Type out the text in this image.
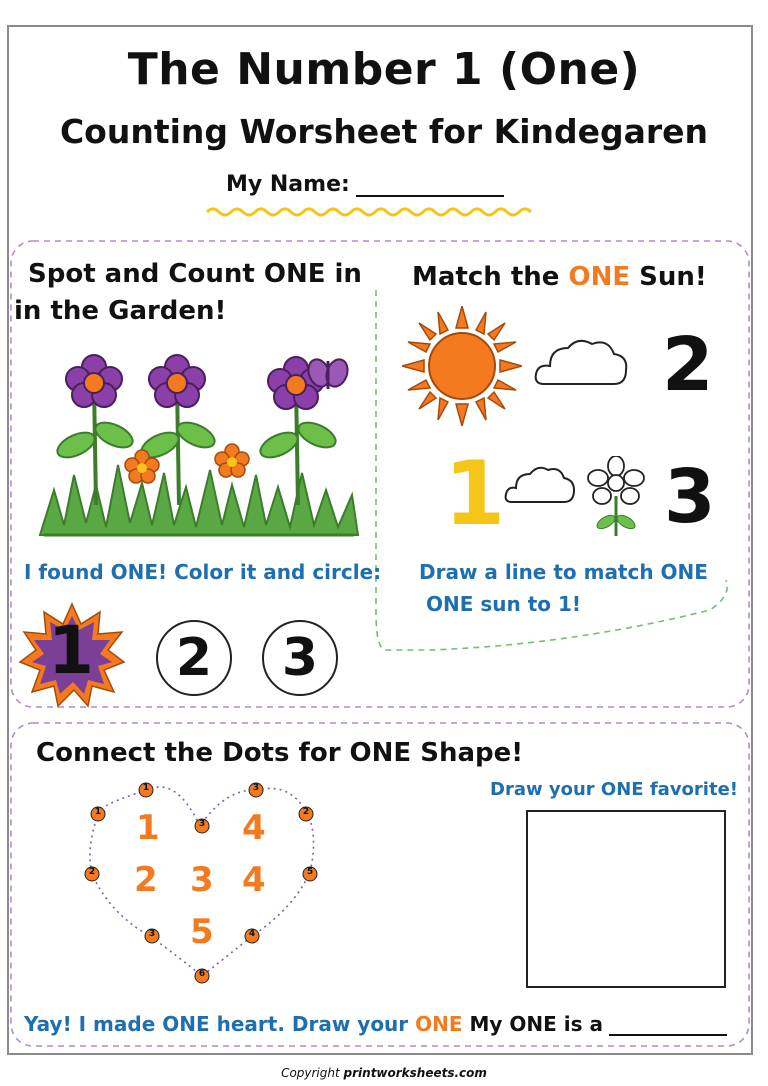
The Number 1 (One)
Counting Worsheet for Kindegaren
My Name:
Spot and Count ONE in
in the Garden!
I found ONE! Color it and circle:
1	2	3
Match the ONE Sun!
2
1 3
Draw a line to match ONE
ONE sun to 1!
Connect the Dots for ONE Shape!
1
1
3
2
3
5
2
4
3
6
1 4
2 3 4
5
Draw your ONE favorite!
Yay! I made ONE heart. Draw your ONE My ONE is a
Copyright printworksheets.com
